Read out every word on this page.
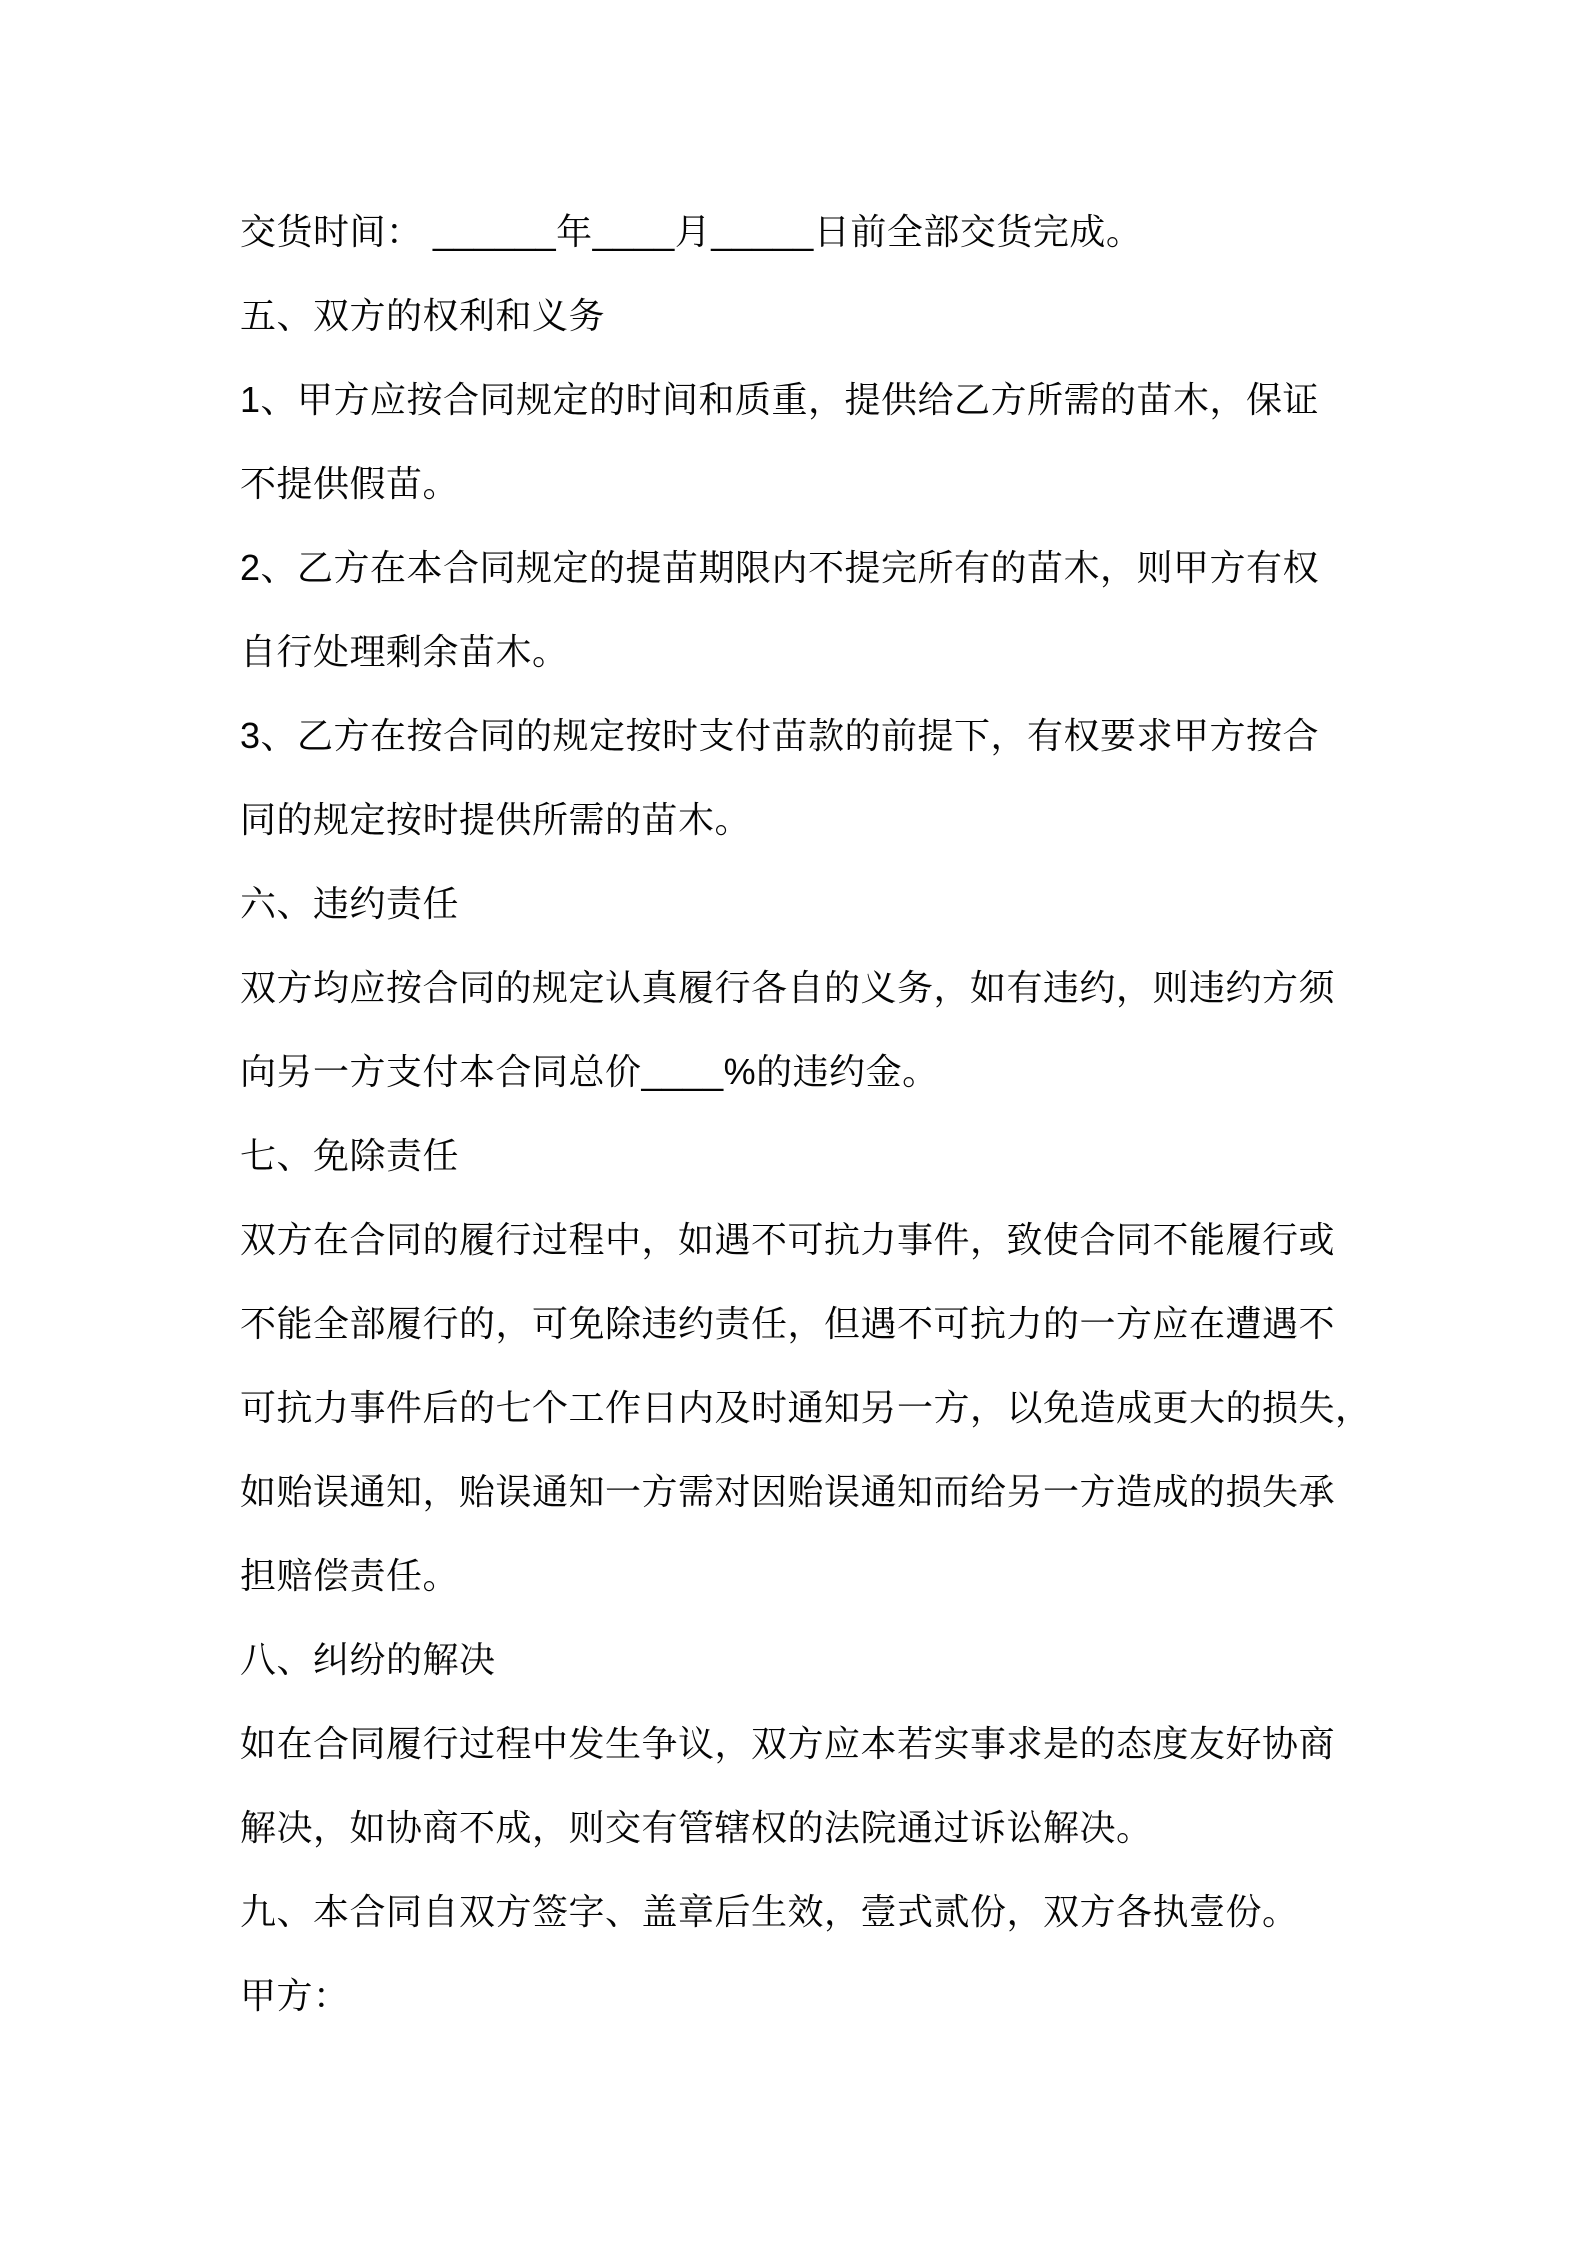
交货时间： ______年____月_____日前全部交货完成。

五、双方的权利和义务

1、甲方应按合同规定的时间和质重，提供给乙方所需的苗木，保证

不提供假苗。

2、乙方在本合同规定的提苗期限内不提完所有的苗木，则甲方有权

自行处理剩余苗木。

3、乙方在按合同的规定按时支付苗款的前提下，有权要求甲方按合

同的规定按时提供所需的苗木。

六、违约责任

双方均应按合同的规定认真履行各自的义务，如有违约，则违约方须

向另一方支付本合同总价____%的违约金。

七、免除责任

双方在合同的履行过程中，如遇不可抗力事件，致使合同不能履行或

不能全部履行的，可免除违约责任，但遇不可抗力的一方应在遭遇不

可抗力事件后的七个工作日内及时通知另一方，以免造成更大的损失，

如贻误通知，贻误通知一方需对因贻误通知而给另一方造成的损失承

担赔偿责任。

八、纠纷的解决

如在合同履行过程中发生争议，双方应本若实事求是的态度友好协商

解决，如协商不成，则交有管辖权的法院通过诉讼解决。

九、本合同自双方签字、盖章后生效，壹式贰份，双方各执壹份。

甲方：
